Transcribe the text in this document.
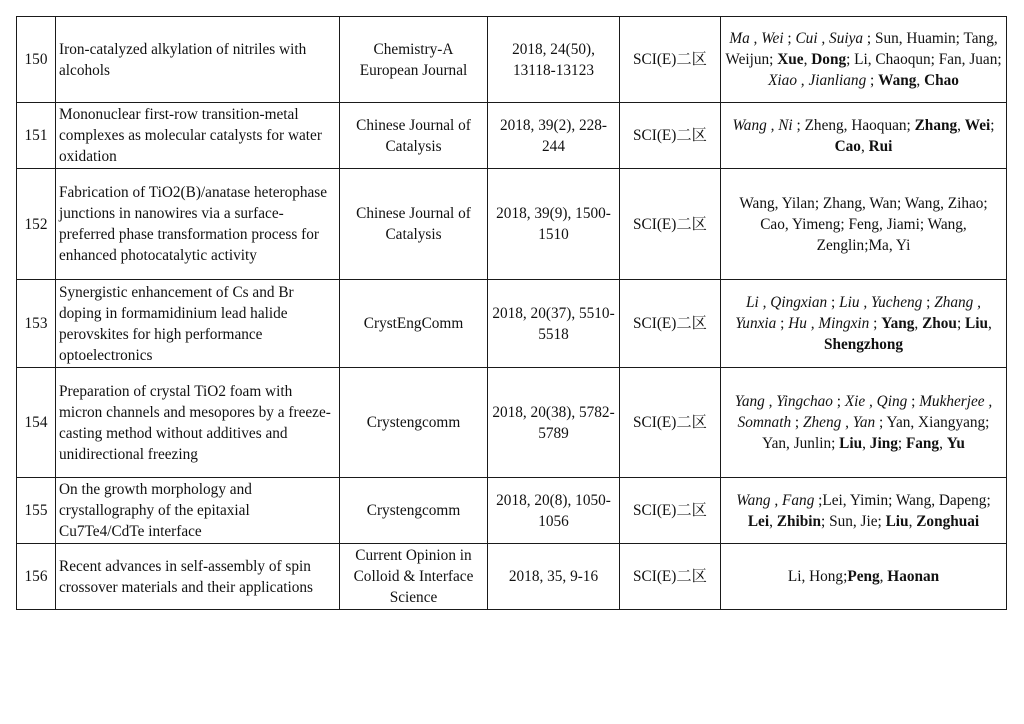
150	Iron-catalyzed alkylation of nitriles with alcohols	Chemistry-A European Journal	2018, 24(50), 13118-13123	SCI(E)二区	Ma , Wei ; Cui , Suiya ; Sun, Huamin; Tang, Weijun; Xue, Dong; Li, Chaoqun; Fan, Juan; Xiao , Jianliang ; Wang, Chao
151	Mononuclear first-row transition-metal complexes as molecular catalysts for water oxidation	Chinese Journal of Catalysis	2018, 39(2), 228-244	SCI(E)二区	Wang , Ni ; Zheng, Haoquan; Zhang, Wei; Cao, Rui
152	Fabrication of TiO2(B)/anatase heterophase junctions in nanowires via a surface-preferred phase transformation process for enhanced photocatalytic activity	Chinese Journal of Catalysis	2018, 39(9), 1500-1510	SCI(E)二区	Wang, Yilan; Zhang, Wan; Wang, Zihao; Cao, Yimeng; Feng, Jiami; Wang, Zenglin;Ma, Yi
153	Synergistic enhancement of Cs and Br doping in formamidinium lead halide perovskites for high performance optoelectronics	CrystEngComm	2018, 20(37), 5510-5518	SCI(E)二区	Li , Qingxian ; Liu , Yucheng ; Zhang , Yunxia ; Hu , Mingxin ; Yang, Zhou; Liu, Shengzhong
154	Preparation of crystal TiO2 foam with micron channels and mesopores by a freeze-casting method without additives and unidirectional freezing	Crystengcomm	2018, 20(38), 5782-5789	SCI(E)二区	Yang , Yingchao ; Xie , Qing ; Mukherjee , Somnath ; Zheng , Yan ; Yan, Xiangyang; Yan, Junlin; Liu, Jing; Fang, Yu
155	On the growth morphology and crystallography of the epitaxial Cu7Te4/CdTe interface	Crystengcomm	2018, 20(8), 1050-1056	SCI(E)二区	Wang , Fang ;Lei, Yimin; Wang, Dapeng; Lei, Zhibin; Sun, Jie; Liu, Zonghuai
156	Recent advances in self-assembly of spin crossover materials and their applications	Current Opinion in Colloid & Interface Science	2018, 35, 9-16	SCI(E)二区	Li, Hong;Peng, Haonan
